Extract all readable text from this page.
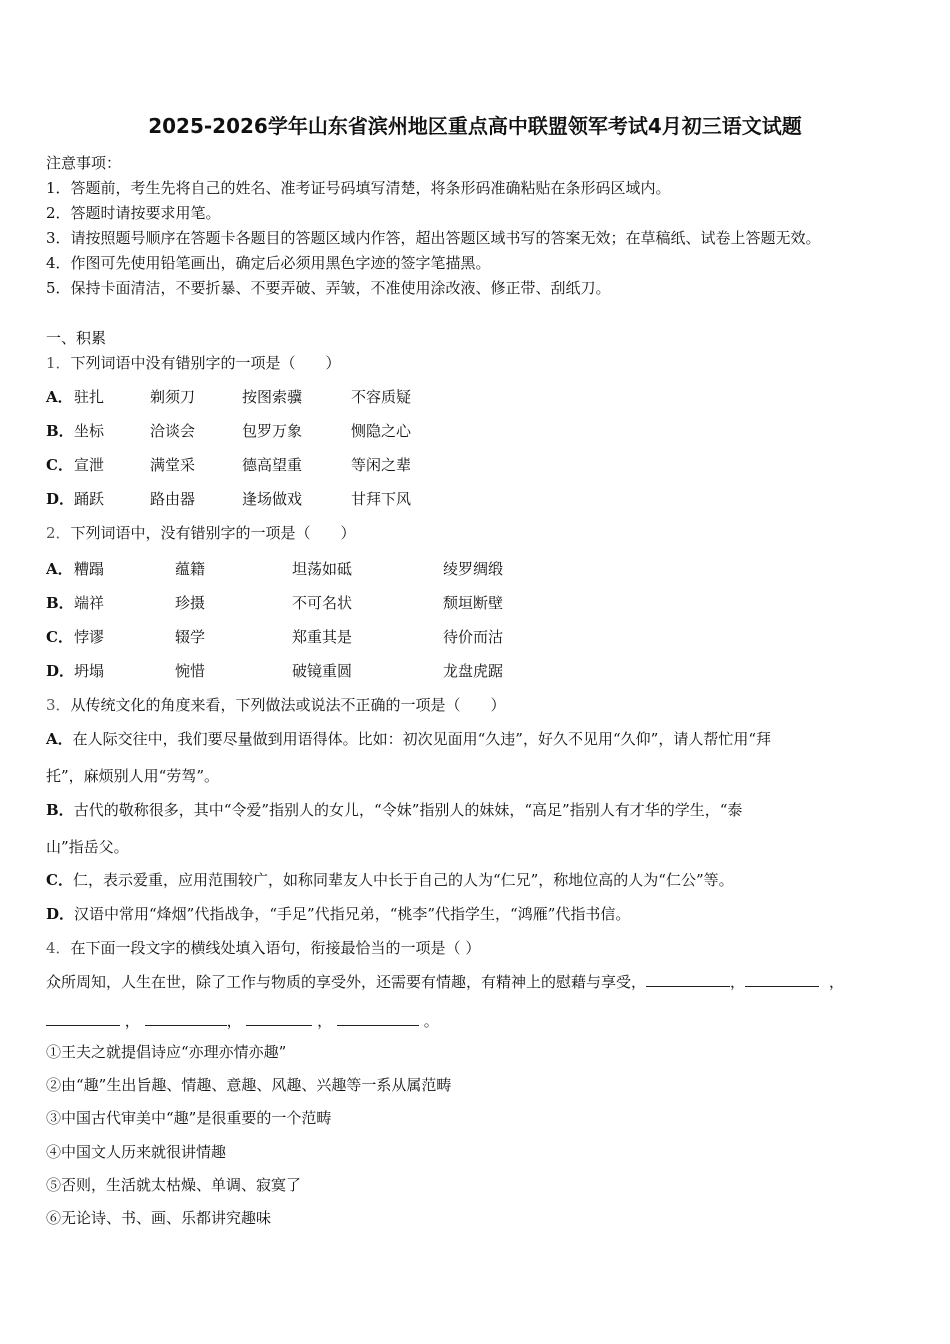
2025-2026学年山东省滨州地区重点高中联盟领军考试4月初三语文试题
注意事项：
1．答题前，考生先将自己的姓名、准考证号码填写清楚，将条形码准确粘贴在条形码区域内。
2．答题时请按要求用笔。
3．请按照题号顺序在答题卡各题目的答题区域内作答，超出答题区域书写的答案无效；在草稿纸、试卷上答题无效。
4．作图可先使用铅笔画出，确定后必须用黑色字迹的签字笔描黑。
5．保持卡面清洁，不要折暴、不要弄破、弄皱，不准使用涂改液、修正带、刮纸刀。
一、积累
1．下列词语中没有错别字的一项是（　　）
A． 驻扎	剃须刀	按图索骥	不容质疑
B． 坐标	洽谈会	包罗万象	恻隐之心
C． 宣泄	满堂采	德高望重	等闲之辈
D． 踊跃	路由器	逢场做戏	甘拜下风
2．下列词语中，没有错别字的一项是（　　）
A． 糟蹋	蕴籍	坦荡如砥	绫罗绸缎
B． 端祥	珍摄	不可名状	颓垣断壁
C． 悖谬	辍学	郑重其是	待价而沽
D． 坍塌	惋惜	破镜重圆	龙盘虎踞
3．从传统文化的角度来看，下列做法或说法不正确的一项是（　　）
A．在人际交往中，我们要尽量做到用语得体。比如：初次见面用“久违”，好久不见用“久仰”，请人帮忙用“拜
托”，麻烦别人用“劳驾”。
B．古代的敬称很多，其中“令爱”指别人的女儿，“令妹”指别人的妹妹，“高足”指别人有才华的学生，“泰
山”指岳父。
C．仁，表示爱重，应用范围较广，如称同辈友人中长于自己的人为“仁兄”，称地位高的人为“仁公”等。
D．汉语中常用“烽烟”代指战争，“手足”代指兄弟，“桃李”代指学生，“鸿雁”代指书信。
4．在下面一段文字的横线处填入语句，衔接最恰当的一项是（ ）
众所周知，人生在世，除了工作与物质的享受外，还需要有情趣，有精神上的慰藉与享受，	，	，
，	，	，	。
①王夫之就提倡诗应“亦理亦情亦趣”
②由“趣”生出旨趣、情趣、意趣、风趣、兴趣等一系从属范畴
③中国古代审美中“趣”是很重要的一个范畴
④中国文人历来就很讲情趣
⑤否则，生活就太枯燥、单调、寂寞了
⑥无论诗、书、画、乐都讲究趣味
